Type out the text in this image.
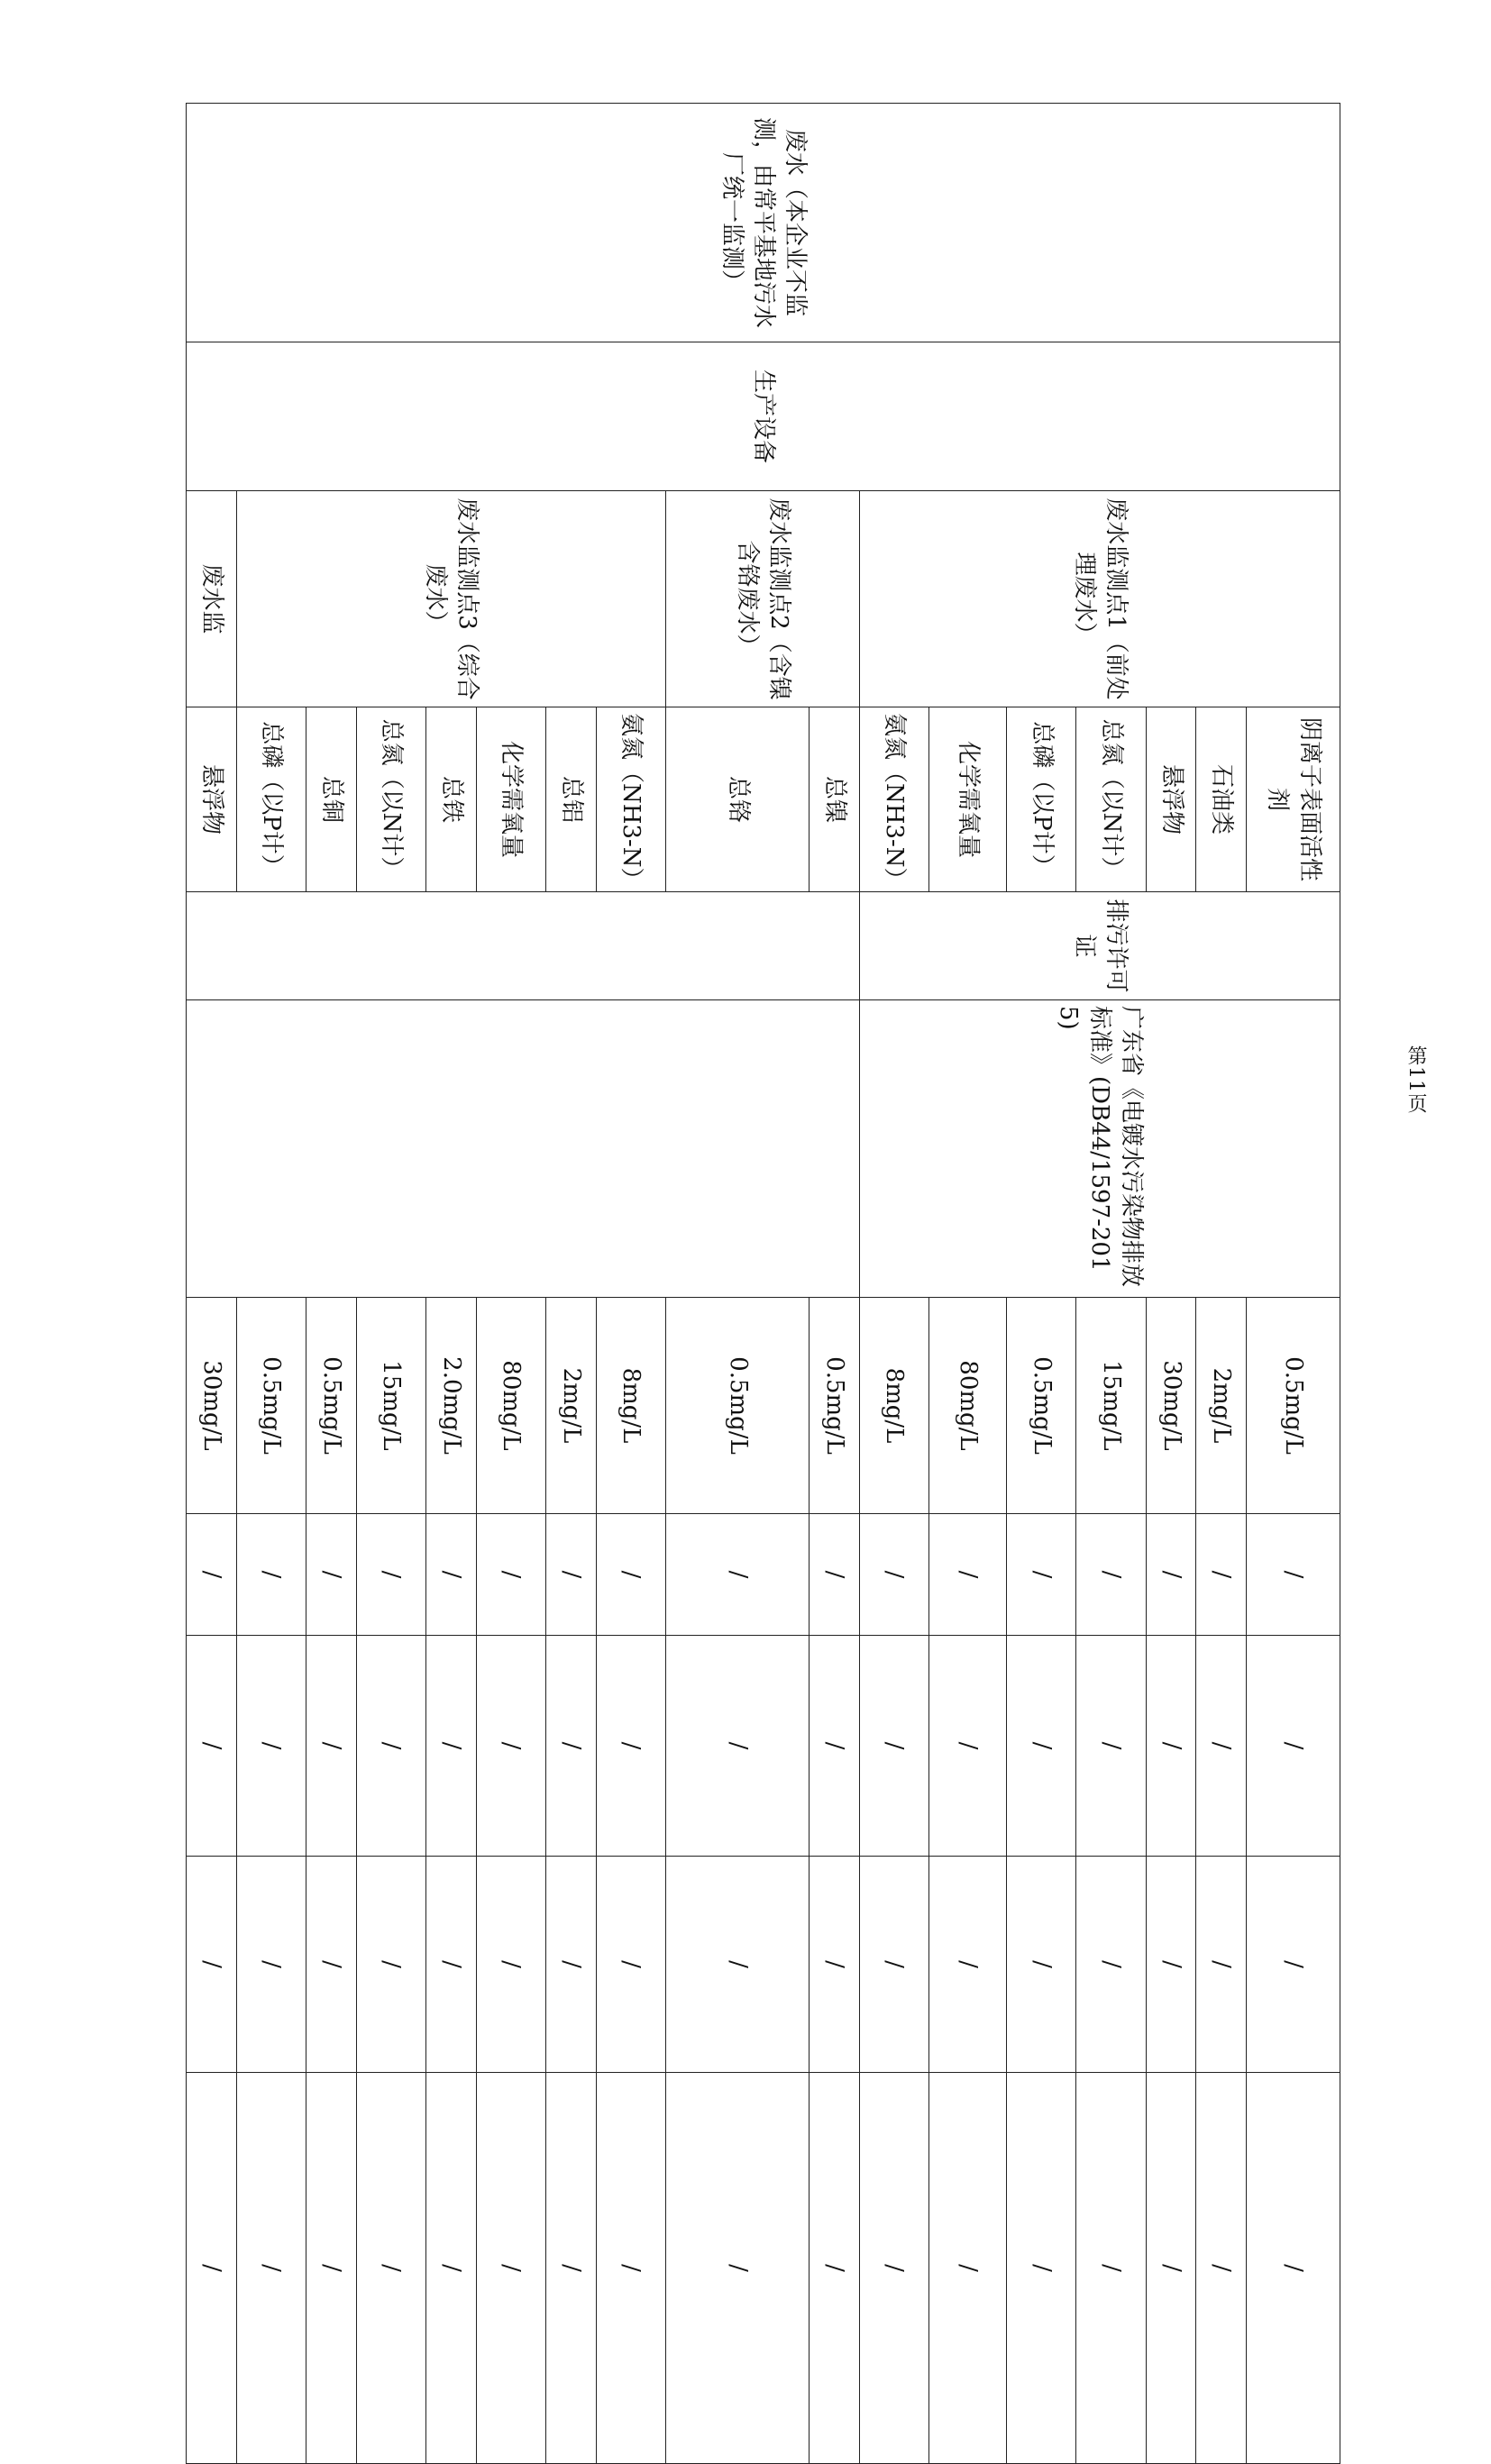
废水（本企业不监测，由常平基地污水厂统一监测）	生产设备	废水监测点1（前处理废水）	阴离子表面活性剂	排污许可证	广东省《电镀水污染物排放标准》(DB44/1597-2015)	0.5mg/L	/	/	/	/
			石油类			2mg/L	/	/	/	/
			悬浮物			30mg/L	/	/	/	/
			总氮（以N计）			15mg/L	/	/	/	/
			总磷（以P计）			0.5mg/L	/	/	/	/
			化学需氧量			80mg/L	/	/	/	/
			氨氮（NH3-N）			8mg/L	/	/	/	/
		废水监测点2（含镍含铬废水）	总镍			0.5mg/L	/	/	/	/
			总铬			0.5mg/L	/	/	/	/
		废水监测点3（综合废水）	氨氮（NH3-N）			8mg/L	/	/	/	/
			总铝			2mg/L	/	/	/	/
			化学需氧量			80mg/L	/	/	/	/
			总铁			2.0mg/L	/	/	/	/
			总氮（以N计）			15mg/L	/	/	/	/
			总铜			0.5mg/L	/	/	/	/
			总磷（以P计）			0.5mg/L	/	/	/	/
		废水监	悬浮物			30mg/L	/	/	/	/
第11页
